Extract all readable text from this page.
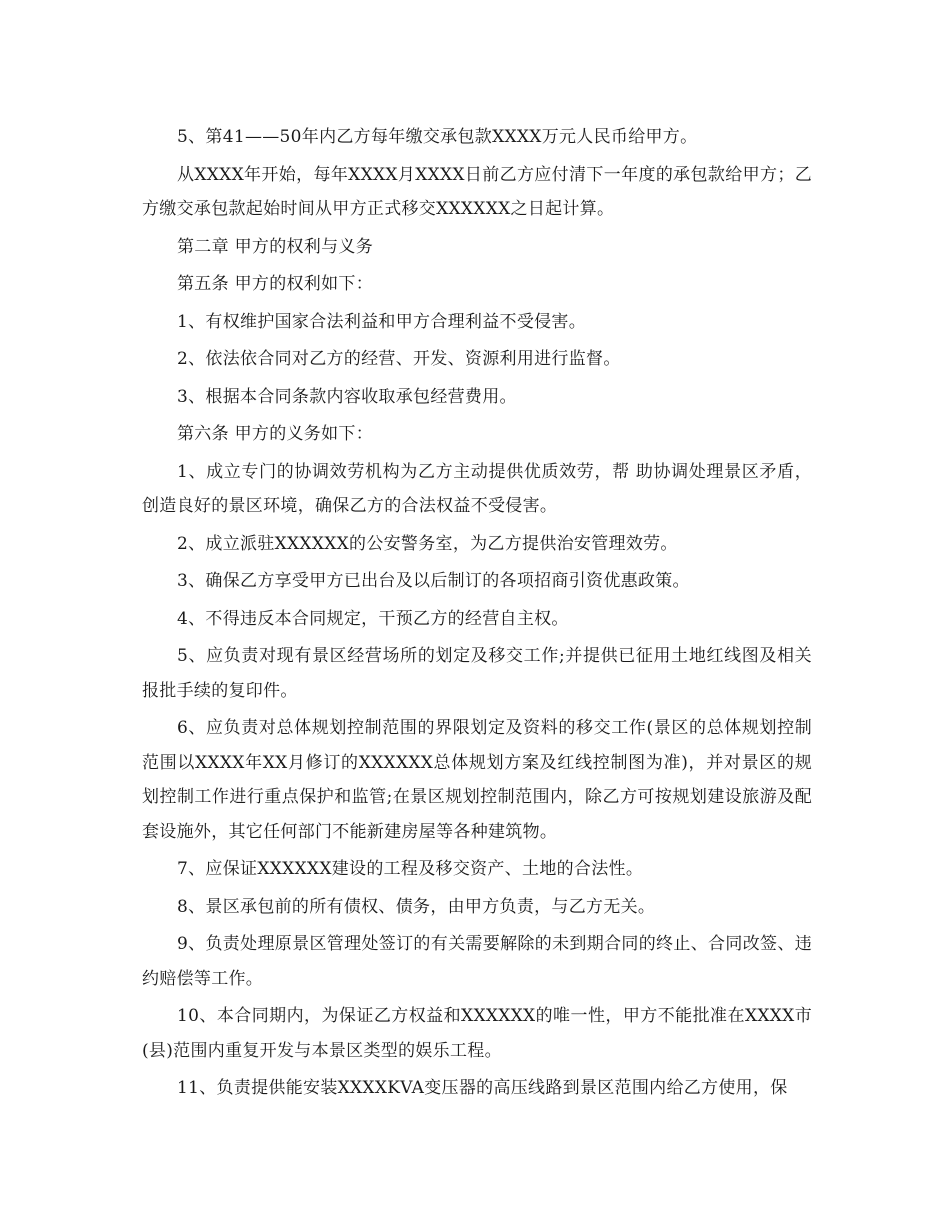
5、第41——50年内乙方每年缴交承包款XXXX万元人民币给甲方。

从XXXX年开始，每年XXXX月XXXX日前乙方应付清下一年度的承包款给甲方；乙方缴交承包款起始时间从甲方正式移交XXXXXX之日起计算。

第二章 甲方的权利与义务

第五条 甲方的权利如下：

1、有权维护国家合法利益和甲方合理利益不受侵害。

2、依法依合同对乙方的经营、开发、资源利用进行监督。

3、根据本合同条款内容收取承包经营费用。

第六条 甲方的义务如下：

1、成立专门的协调效劳机构为乙方主动提供优质效劳，帮 助协调处理景区矛盾，创造良好的景区环境，确保乙方的合法权益不受侵害。

2、成立派驻XXXXXX的公安警务室，为乙方提供治安管理效劳。

3、确保乙方享受甲方已出台及以后制订的各项招商引资优惠政策。

4、不得违反本合同规定，干预乙方的经营自主权。

5、应负责对现有景区经营场所的划定及移交工作;并提供已征用土地红线图及相关报批手续的复印件。

6、应负责对总体规划控制范围的界限划定及资料的移交工作(景区的总体规划控制范围以XXXX年XX月修订的XXXXXX总体规划方案及红线控制图为准)，并对景区的规划控制工作进行重点保护和监管;在景区规划控制范围内，除乙方可按规划建设旅游及配套设施外，其它任何部门不能新建房屋等各种建筑物。

7、应保证XXXXXX建设的工程及移交资产、土地的合法性。

8、景区承包前的所有债权、债务，由甲方负责，与乙方无关。

9、负责处理原景区管理处签订的有关需要解除的未到期合同的终止、合同改签、违约赔偿等工作。

10、本合同期内，为保证乙方权益和XXXXXX的唯一性，甲方不能批准在XXXX市(县)范围内重复开发与本景区类型的娱乐工程。

11、负责提供能安装XXXXKVA变压器的高压线路到景区范围内给乙方使用，保
